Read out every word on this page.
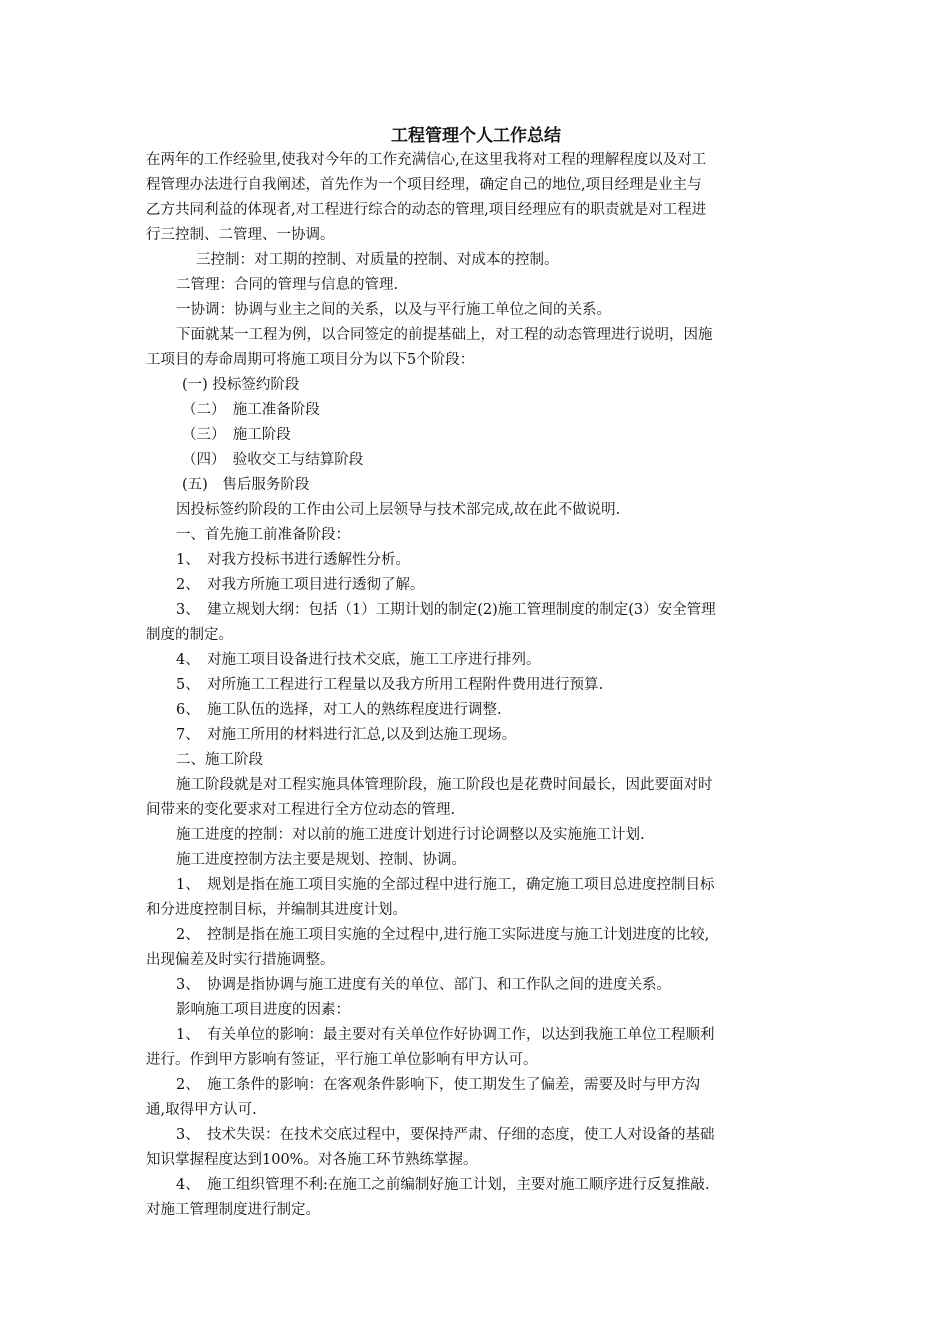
工程管理个人工作总结
在两年的工作经验里,使我对今年的工作充满信心,在这里我将对工程的理解程度以及对工
程管理办法进行自我阐述，首先作为一个项目经理，确定自己的地位,项目经理是业主与
乙方共同利益的体现者,对工程进行综合的动态的管理,项目经理应有的职责就是对工程进
行三控制、二管理、一协调。
三控制：对工期的控制、对质量的控制、对成本的控制。
二管理：合同的管理与信息的管理.
一协调：协调与业主之间的关系，以及与平行施工单位之间的关系。
下面就某一工程为例，以合同签定的前提基础上，对工程的动态管理进行说明，因施
工项目的寿命周期可将施工项目分为以下5个阶段：
(一) 投标签约阶段
（二）　施工准备阶段
（三）　施工阶段
（四）　验收交工与结算阶段
(五)　售后服务阶段
因投标签约阶段的工作由公司上层领导与技术部完成,故在此不做说明.
一、首先施工前准备阶段：
1、　对我方投标书进行透解性分析。
2、　对我方所施工项目进行透彻了解。
3、　建立规划大纲：包括（1）工期计划的制定(2)施工管理制度的制定(3）安全管理
制度的制定。
4、　对施工项目设备进行技术交底，施工工序进行排列。
5、　对所施工工程进行工程量以及我方所用工程附件费用进行预算.
6、　施工队伍的选择，对工人的熟练程度进行调整.
7、　对施工所用的材料进行汇总,以及到达施工现场。
二、施工阶段
施工阶段就是对工程实施具体管理阶段，施工阶段也是花费时间最长，因此要面对时
间带来的变化要求对工程进行全方位动态的管理.
施工进度的控制：对以前的施工进度计划进行讨论调整以及实施施工计划.
施工进度控制方法主要是规划、控制、协调。
1、　规划是指在施工项目实施的全部过程中进行施工，确定施工项目总进度控制目标
和分进度控制目标，并编制其进度计划。
2、　控制是指在施工项目实施的全过程中,进行施工实际进度与施工计划进度的比较,
出现偏差及时实行措施调整。
3、　协调是指协调与施工进度有关的单位、部门、和工作队之间的进度关系。
影响施工项目进度的因素：
1、　有关单位的影响：最主要对有关单位作好协调工作，以达到我施工单位工程顺利
进行。作到甲方影响有签证，平行施工单位影响有甲方认可。
2、　施工条件的影响：在客观条件影响下，使工期发生了偏差，需要及时与甲方沟
通,取得甲方认可.
3、　技术失误：在技术交底过程中，要保持严肃、仔细的态度，使工人对设备的基础
知识掌握程度达到100%。对各施工环节熟练掌握。
4、　施工组织管理不利:在施工之前编制好施工计划，主要对施工顺序进行反复推敲.
对施工管理制度进行制定。
